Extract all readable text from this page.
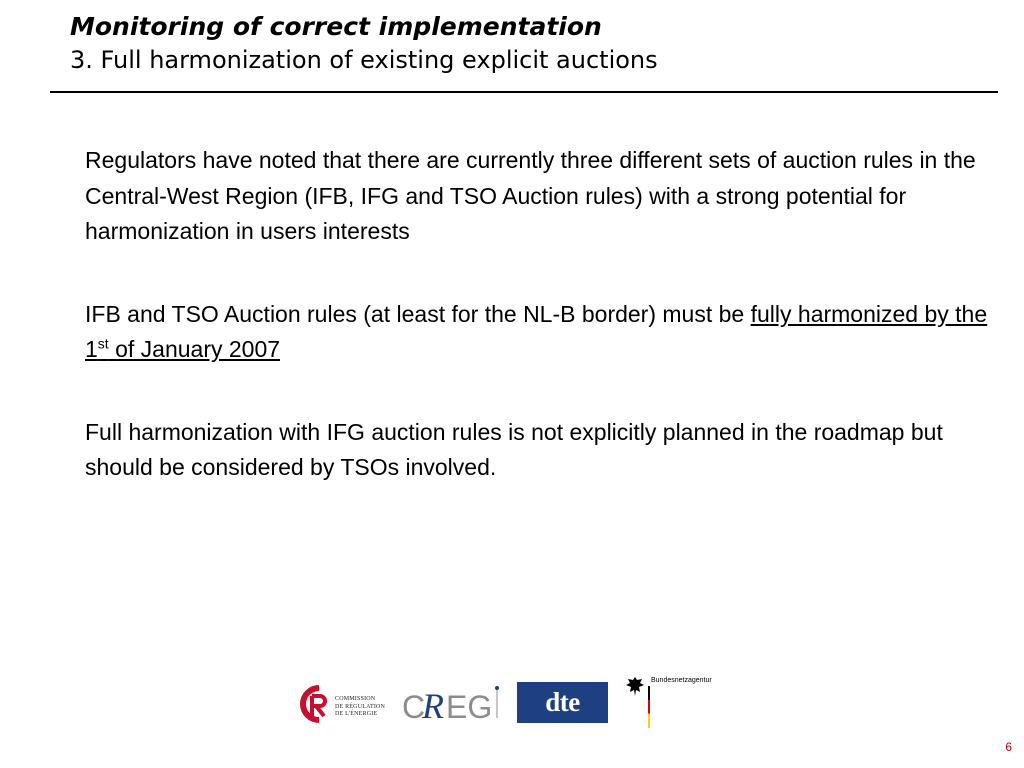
Monitoring of correct implementation
3. Full harmonization of existing explicit auctions

Regulators have noted that there are currently three different sets of auction rules in the Central-West Region (IFB, IFG and TSO Auction rules) with a strong potential for harmonization in users interests

IFB and TSO Auction rules (at least for the NL-B border) must be fully harmonized by the 1st of January 2007

Full harmonization with IFG auction rules is not explicitly planned in the roadmap but should be considered by TSOs involved.

COMMISSION
DE RÉGULATION
DE L'ÉNERGIE C
R EG dte
Bundesnetzagentur
6
